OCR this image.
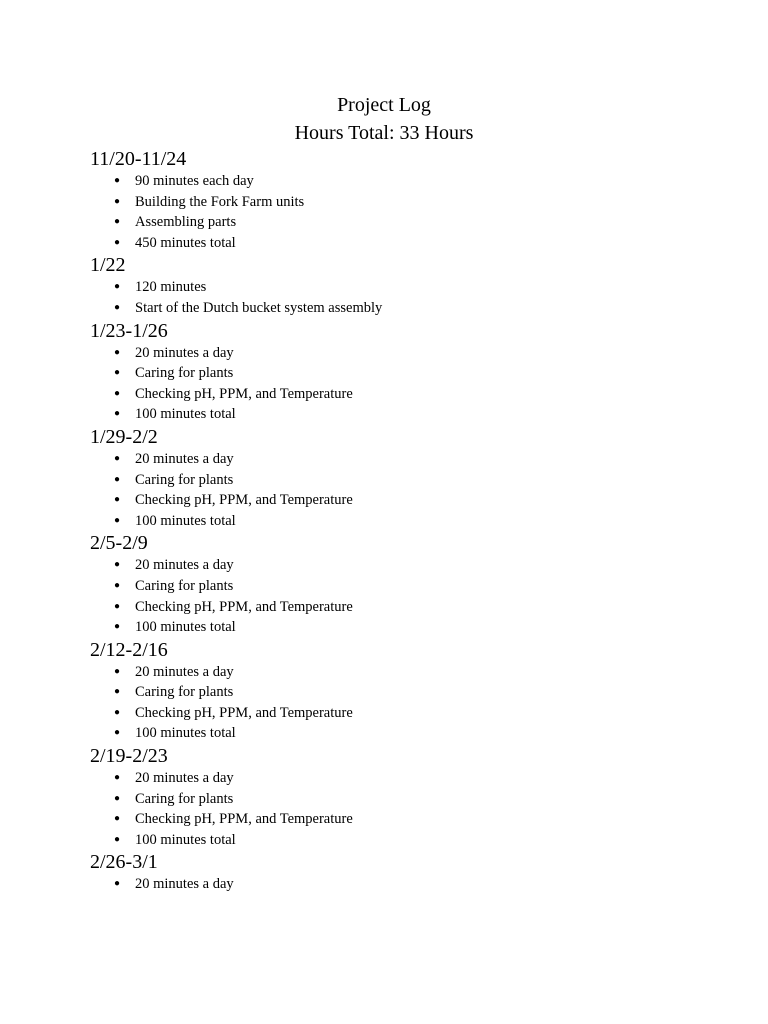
Project Log
Hours Total: 33 Hours
11/20-11/24
● 90 minutes each day
● Building the Fork Farm units
● Assembling parts
● 450 minutes total
1/22
● 120 minutes
● Start of the Dutch bucket system assembly
1/23-1/26
● 20 minutes a day
● Caring for plants
● Checking pH, PPM, and Temperature
● 100 minutes total
1/29-2/2
● 20 minutes a day
● Caring for plants
● Checking pH, PPM, and Temperature
● 100 minutes total
2/5-2/9
● 20 minutes a day
● Caring for plants
● Checking pH, PPM, and Temperature
● 100 minutes total
2/12-2/16
● 20 minutes a day
● Caring for plants
● Checking pH, PPM, and Temperature
● 100 minutes total
2/19-2/23
● 20 minutes a day
● Caring for plants
● Checking pH, PPM, and Temperature
● 100 minutes total
2/26-3/1
● 20 minutes a day
